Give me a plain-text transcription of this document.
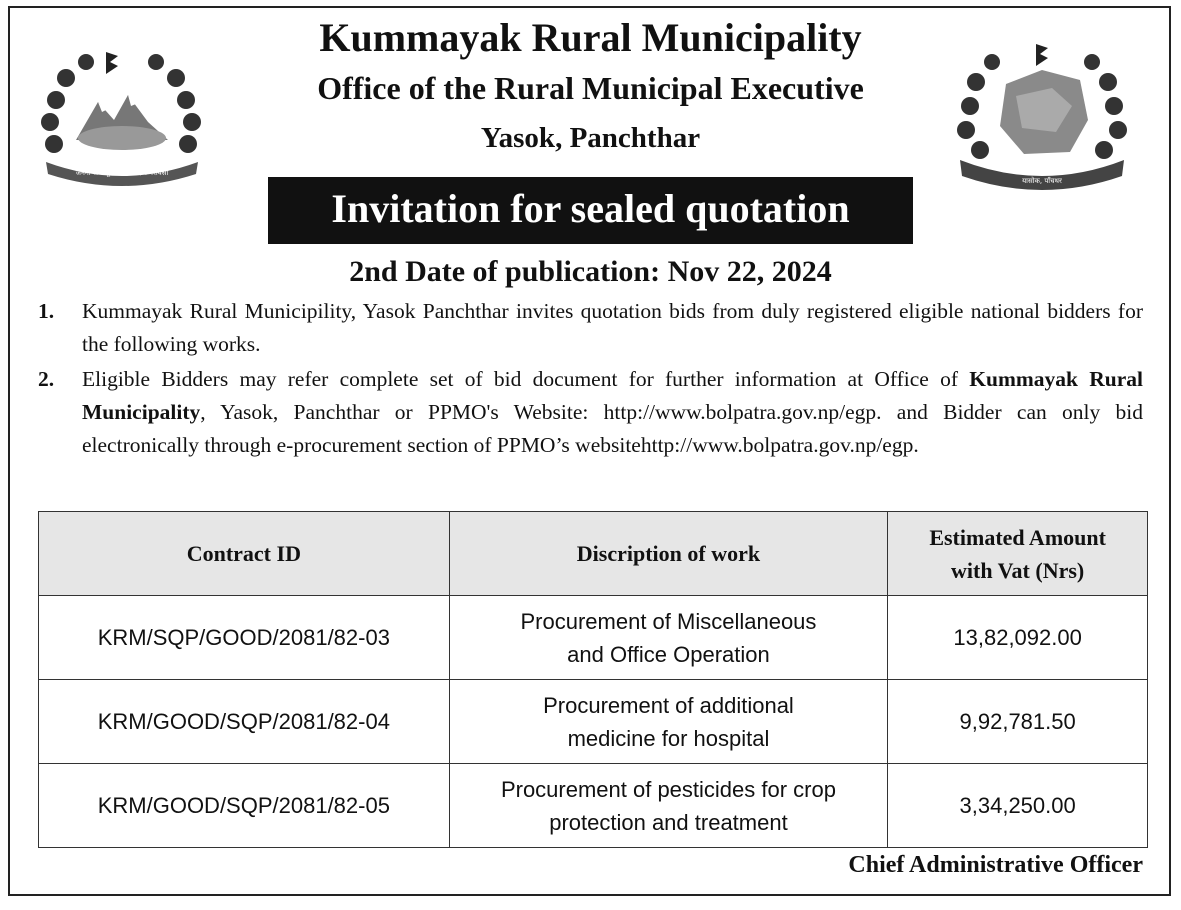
जननी जन्मभूमिश्च स्वर्गादपि गरीयसी
कुम्मायक गाउँपालिका
यासोक, पाँचथर
Kummayak Rural Municipality
Office of the Rural Municipal Executive
Yasok, Panchthar
Invitation for sealed quotation
2nd Date of publication: Nov 22, 2024
1. Kummayak Rural Municipility, Yasok Panchthar invites quotation bids from duly registered eligible national bidders for the following works.
2. Eligible Bidders may refer complete set of bid document for further information at Office of Kummayak Rural Municipality, Yasok, Panchthar or PPMO's Website: http://www.bolpatra.gov.np/egp. and Bidder can only bid electronically through e-procurement section of PPMO’s websitehttp://www.bolpatra.gov.np/egp.
Contract ID	Discription of work	Estimated Amount with Vat (Nrs)
KRM/SQP/GOOD/2081/82-03	Procurement of Miscellaneous and Office Operation	13,82,092.00
KRM/GOOD/SQP/2081/82-04	Procurement of additional medicine for hospital	9,92,781.50
KRM/GOOD/SQP/2081/82-05	Procurement of pesticides for crop protection and treatment	3,34,250.00
Chief Administrative Officer
